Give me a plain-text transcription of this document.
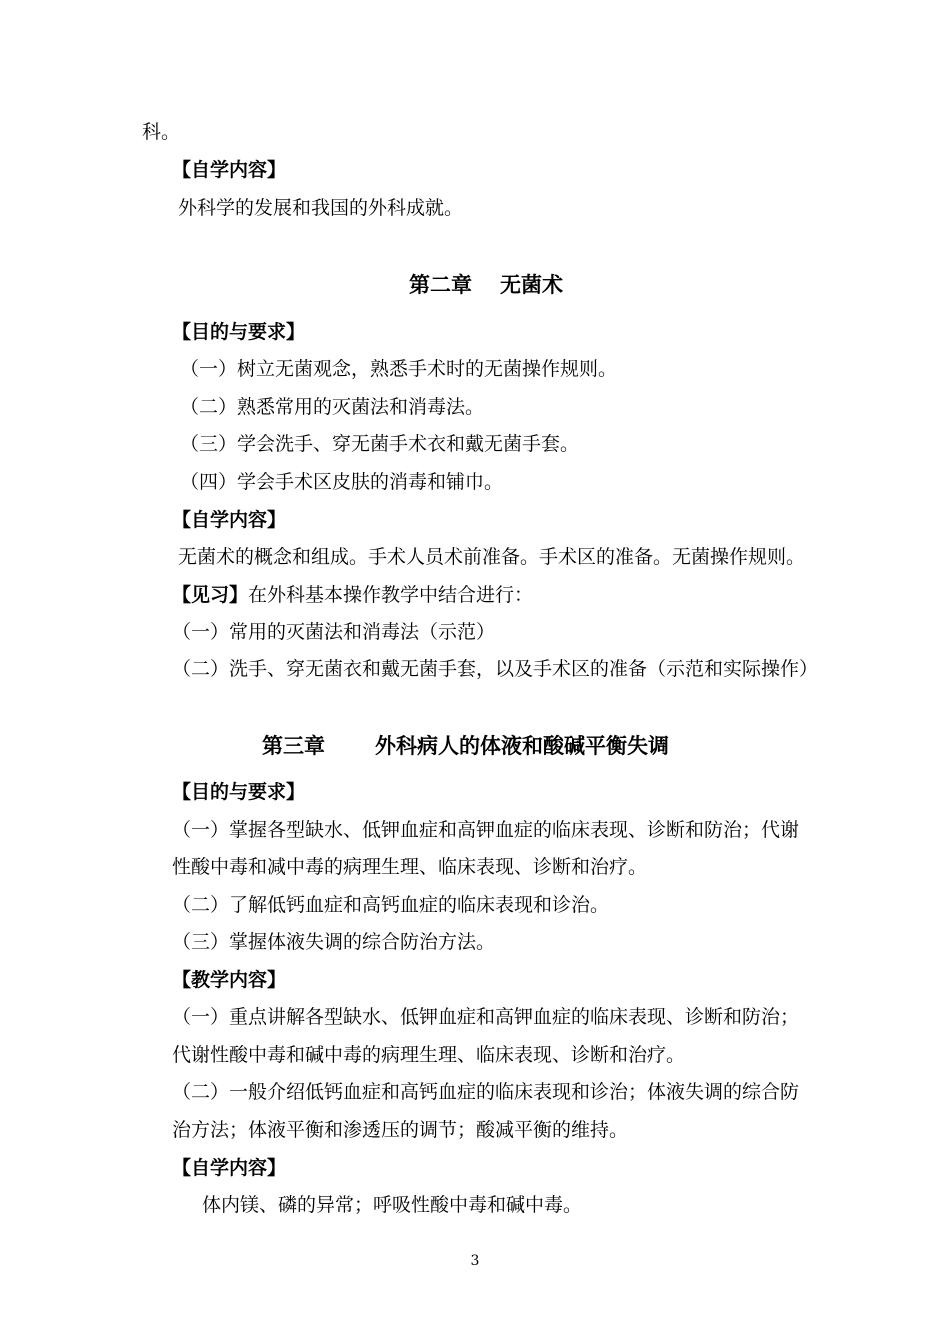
科。
【自学内容】
外科学的发展和我国的外科成就。
第二章 无菌术
【目的与要求】
（一）树立无菌观念，熟悉手术时的无菌操作规则。
（二）熟悉常用的灭菌法和消毒法。
（三）学会洗手、穿无菌手术衣和戴无菌手套。
（四）学会手术区皮肤的消毒和铺巾。
【自学内容】
无菌术的概念和组成。手术人员术前准备。手术区的准备。无菌操作规则。
【见习】在外科基本操作教学中结合进行：
（一）常用的灭菌法和消毒法（示范）
（二）洗手、穿无菌衣和戴无菌手套，以及手术区的准备（示范和实际操作）
第三章 外科病人的体液和酸碱平衡失调
【目的与要求】
（一）掌握各型缺水、低钾血症和高钾血症的临床表现、诊断和防治；代谢
性酸中毒和减中毒的病理生理、临床表现、诊断和治疗。
（二）了解低钙血症和高钙血症的临床表现和诊治。
（三）掌握体液失调的综合防治方法。
【教学内容】
（一）重点讲解各型缺水、低钾血症和高钾血症的临床表现、诊断和防治；
代谢性酸中毒和碱中毒的病理生理、临床表现、诊断和治疗。
（二）一般介绍低钙血症和高钙血症的临床表现和诊治；体液失调的综合防
治方法；体液平衡和渗透压的调节；酸减平衡的维持。
【自学内容】
体内镁、磷的异常；呼吸性酸中毒和碱中毒。
3
